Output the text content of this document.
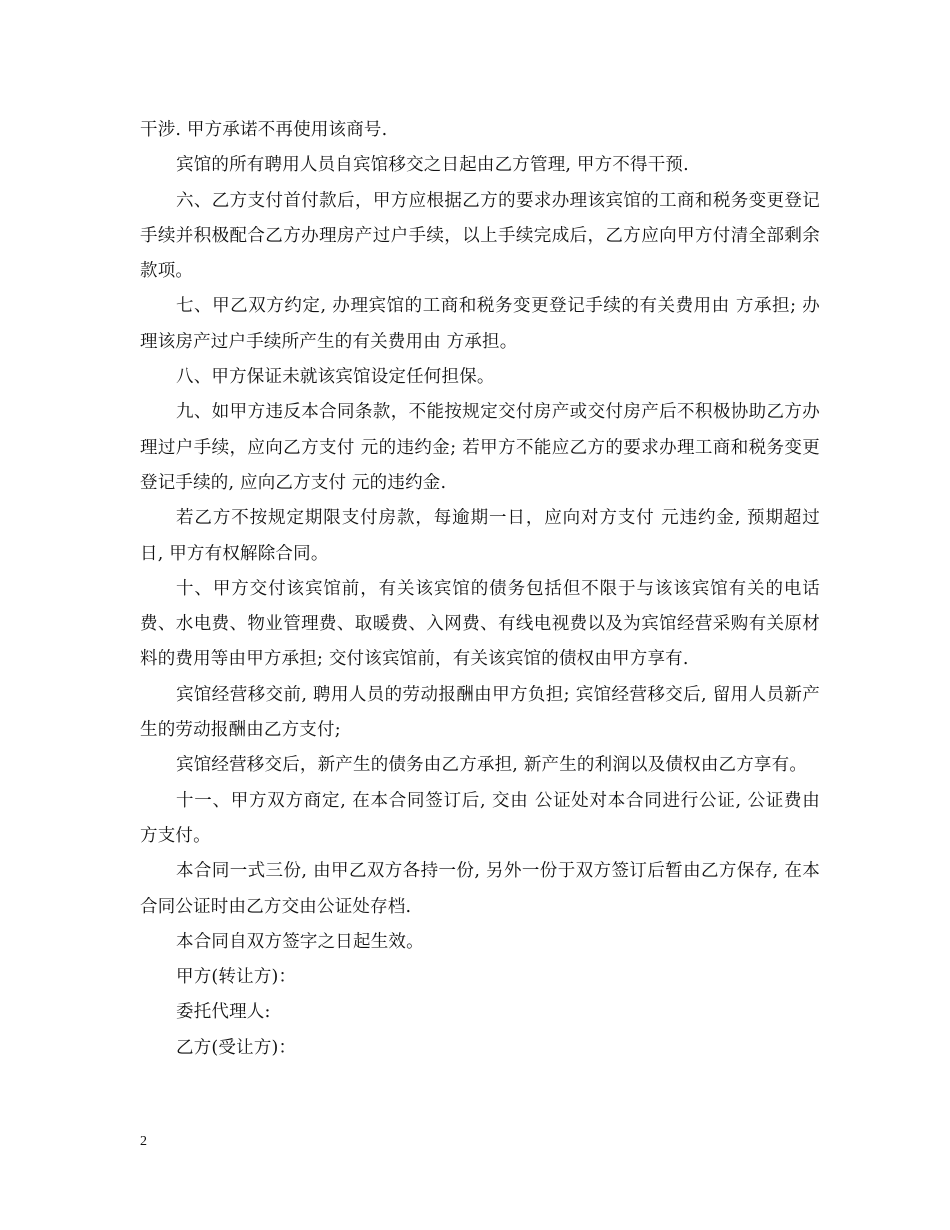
干涉. 甲方承诺不再使用该商号.

宾馆的所有聘用人员自宾馆移交之日起由乙方管理, 甲方不得干预.

六、乙方支付首付款后，甲方应根据乙方的要求办理该宾馆的工商和税务变更登记手续并积极配合乙方办理房产过户手续，以上手续完成后，乙方应向甲方付清全部剩余款项。

七、甲乙双方约定, 办理宾馆的工商和税务变更登记手续的有关费用由 方承担; 办理该房产过户手续所产生的有关费用由 方承担。

八、甲方保证未就该宾馆设定任何担保。

九、如甲方违反本合同条款，不能按规定交付房产或交付房产后不积极协助乙方办理过户手续，应向乙方支付 元的违约金; 若甲方不能应乙方的要求办理工商和税务变更登记手续的, 应向乙方支付 元的违约金.

若乙方不按规定期限支付房款，每逾期一日，应向对方支付 元违约金, 预期超过 日, 甲方有权解除合同。

十、甲方交付该宾馆前，有关该宾馆的债务包括但不限于与该该宾馆有关的电话费、水电费、物业管理费、取暖费、入网费、有线电视费以及为宾馆经营采购有关原材料的费用等由甲方承担; 交付该宾馆前，有关该宾馆的债权由甲方享有.

宾馆经营移交前, 聘用人员的劳动报酬由甲方负担; 宾馆经营移交后, 留用人员新产生的劳动报酬由乙方支付;

宾馆经营移交后，新产生的债务由乙方承担, 新产生的利润以及债权由乙方享有。

十一、甲方双方商定, 在本合同签订后, 交由 公证处对本合同进行公证, 公证费由 方支付。

本合同一式三份, 由甲乙双方各持一份, 另外一份于双方签订后暂由乙方保存, 在本合同公证时由乙方交由公证处存档.

本合同自双方签字之日起生效。

甲方(转让方)：

委托代理人:

乙方(受让方)：

2
